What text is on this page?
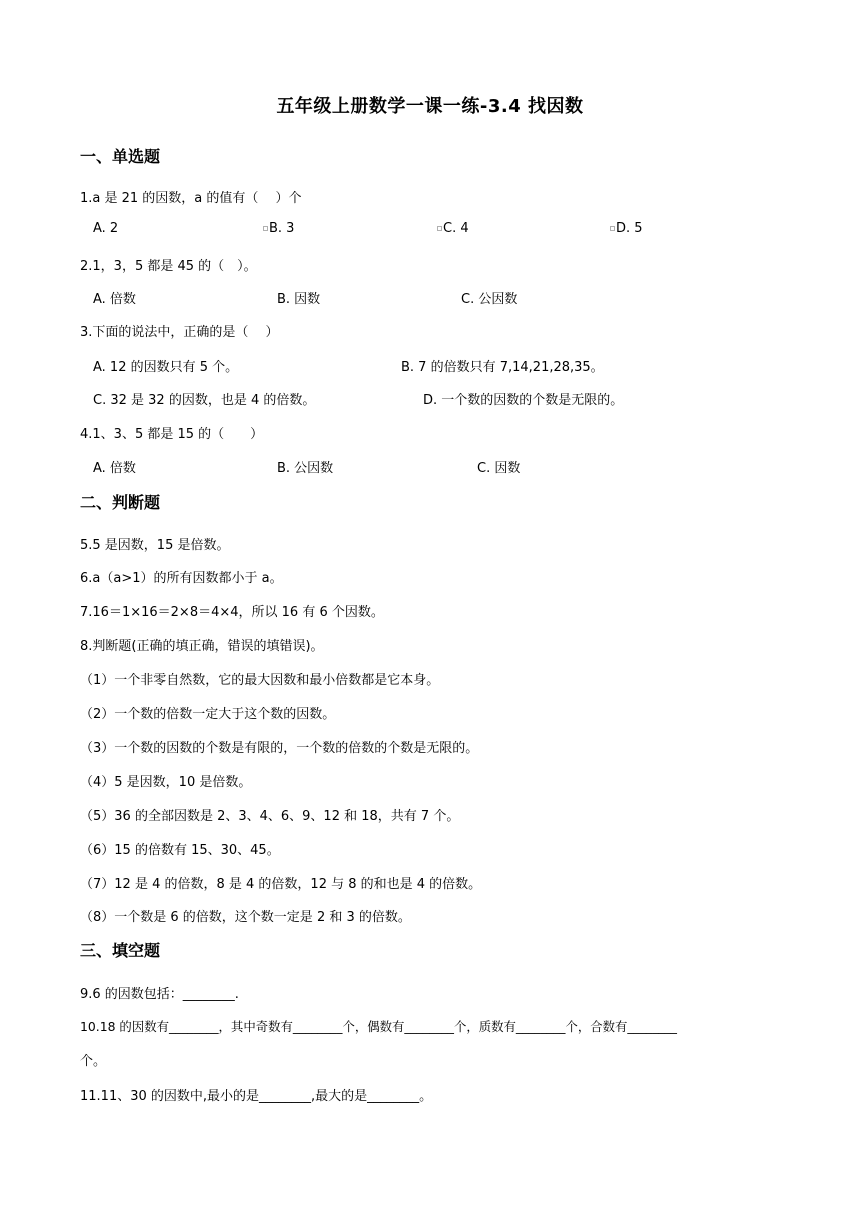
五年级上册数学一课一练-3.4 找因数
一、单选题
1.a 是 21 的因数，a 的值有（　 ）个
A. 2	B. 3	C. 4	D. 5
2.1，3，5 都是 45 的（　）。
A. 倍数	B. 因数	C. 公因数
3.下面的说法中，正确的是（　 ）
A. 12 的因数只有 5 个。	B. 7 的倍数只有 7,14,21,28,35。
C. 32 是 32 的因数，也是 4 的倍数。	D. 一个数的因数的个数是无限的。
4.1、3、5 都是 15 的（　　）
A. 倍数	B. 公因数	C. 因数
二、判断题
5.5 是因数，15 是倍数。
6.a（a>1）的所有因数都小于 a。
7.16＝1×16＝2×8＝4×4，所以 16 有 6 个因数。
8.判断题(正确的填正确，错误的填错误)。
（1）一个非零自然数，它的最大因数和最小倍数都是它本身。
（2）一个数的倍数一定大于这个数的因数。
（3）一个数的因数的个数是有限的，一个数的倍数的个数是无限的。
（4）5 是因数，10 是倍数。
（5）36 的全部因数是 2、3、4、6、9、12 和 18，共有 7 个。
（6）15 的倍数有 15、30、45。
（7）12 是 4 的倍数，8 是 4 的倍数，12 与 8 的和也是 4 的倍数。
（8）一个数是 6 的倍数，这个数一定是 2 和 3 的倍数。
三、填空题
9.6 的因数包括：________.
10.18 的因数有________，其中奇数有________个，偶数有________个，质数有________个，合数有________
个。
11.11、30 的因数中,最小的是________,最大的是________。
